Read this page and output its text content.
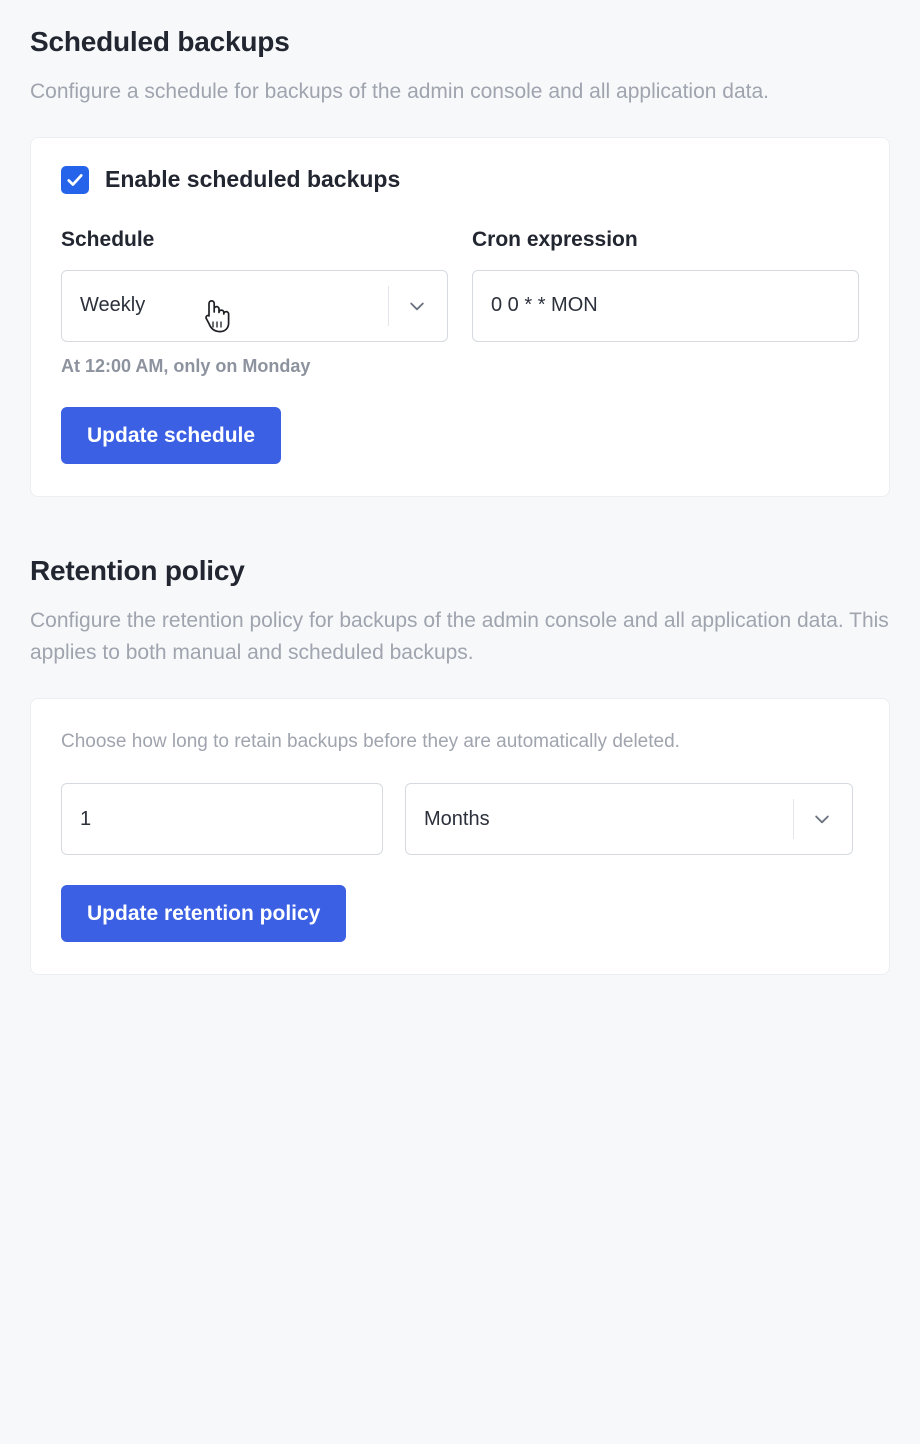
Scheduled backups

Configure a schedule for backups of the admin console and all application data.

Enable scheduled backups
Schedule
Weekly
At 12:00 AM, only on Monday
Cron expression
0 0 * * MON
Update schedule
Retention policy

Configure the retention policy for backups of the admin console and all application data. This applies to both manual and scheduled backups.

Choose how long to retain backups before they are automatically deleted.

1	Months
Update retention policy
